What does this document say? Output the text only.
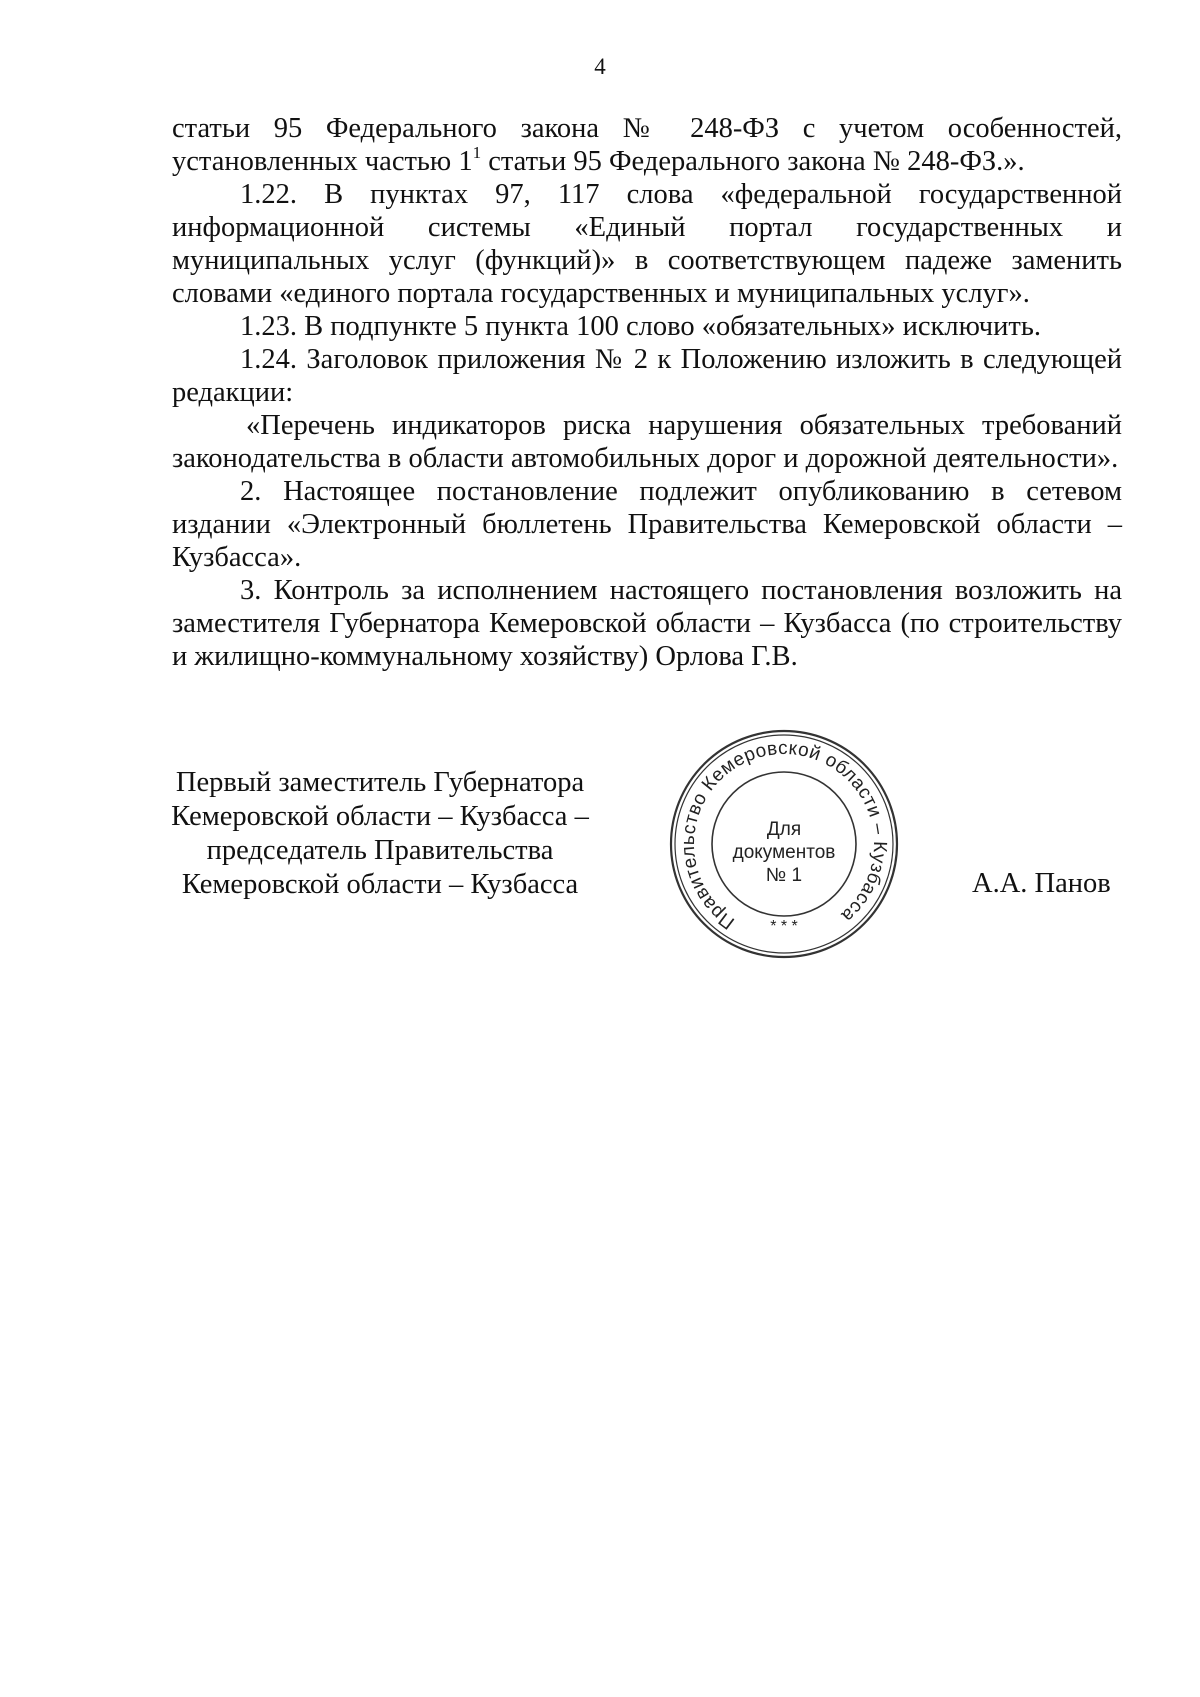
4

статьи 95 Федерального закона № 248-ФЗ с учетом особенностей, установленных частью $1^1$ статьи 95 Федерального закона № 248-ФЗ.».

1.22. В пунктах 97, 117 слова «федеральной государственной информационной системы «Единый портал государственных и муниципальных услуг (функций)» в соответствующем падеже заменить словами «единого портала государственных и муниципальных услуг».

1.23. В подпункте 5 пункта 100 слово «обязательных» исключить.

1.24. Заголовок приложения № 2 к Положению изложить в следующей редакции:

«Перечень индикаторов риска нарушения обязательных требований законодательства в области автомобильных дорог и дорожной деятельности».

2. Настоящее постановление подлежит опубликованию в сетевом издании «Электронный бюллетень Правительства Кемеровской области – Кузбасса».

3. Контроль за исполнением настоящего постановления возложить на заместителя Губернатора Кемеровской области – Кузбасса (по строительству и жилищно-коммунальному хозяйству) Орлова Г.В.

Первый заместитель Губернатора
Кемеровской области – Кузбасса –
председатель Правительства
Кемеровской области – Кузбасса
Правительство Кемеровской области – Кузбасса
* * *
Для
документов
№ 1	А.А. Панов
